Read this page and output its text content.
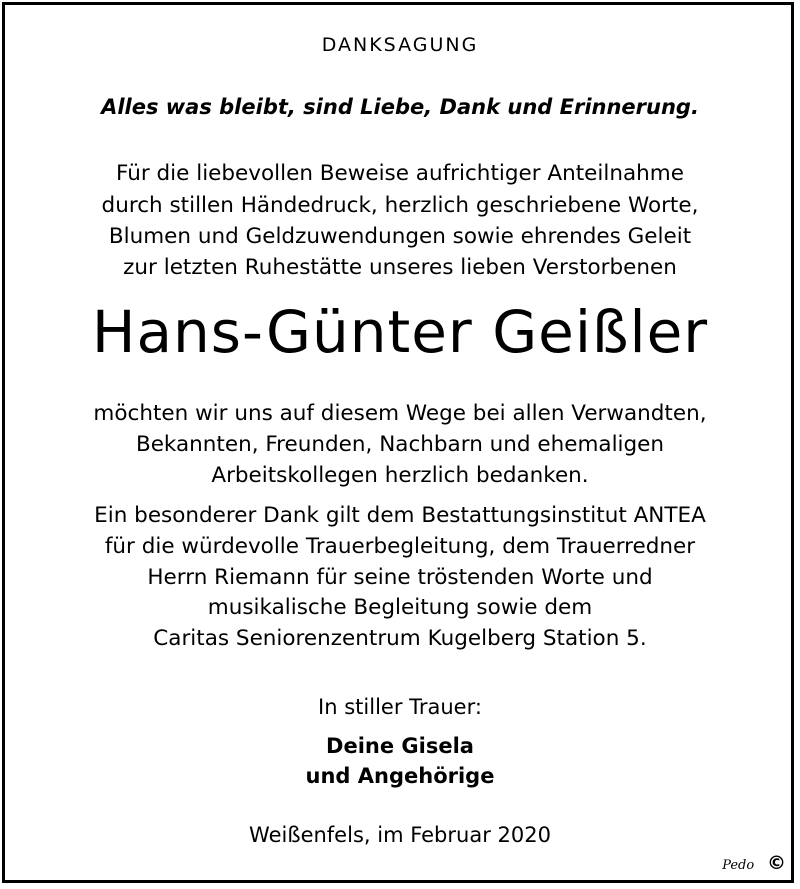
DANKSAGUNG
Alles was bleibt, sind Liebe, Dank und Erinnerung.
Für die liebevollen Beweise aufrichtiger Anteilnahme
durch stillen Händedruck, herzlich geschriebene Worte,
Blumen und Geldzuwendungen sowie ehrendes Geleit
zur letzten Ruhestätte unseres lieben Verstorbenen
Hans-Günter Geißler
möchten wir uns auf diesem Wege bei allen Verwandten,
Bekannten, Freunden, Nachbarn und ehemaligen
Arbeitskollegen herzlich bedanken.
Ein besonderer Dank gilt dem Bestattungsinstitut ANTEA
für die würdevolle Trauerbegleitung, dem Trauerredner
Herrn Riemann für seine tröstenden Worte und
musikalische Begleitung sowie dem
Caritas Seniorenzentrum Kugelberg Station 5.
In stiller Trauer:
Deine Gisela
und Angehörige
Weißenfels, im Februar 2020
Pedo ©
